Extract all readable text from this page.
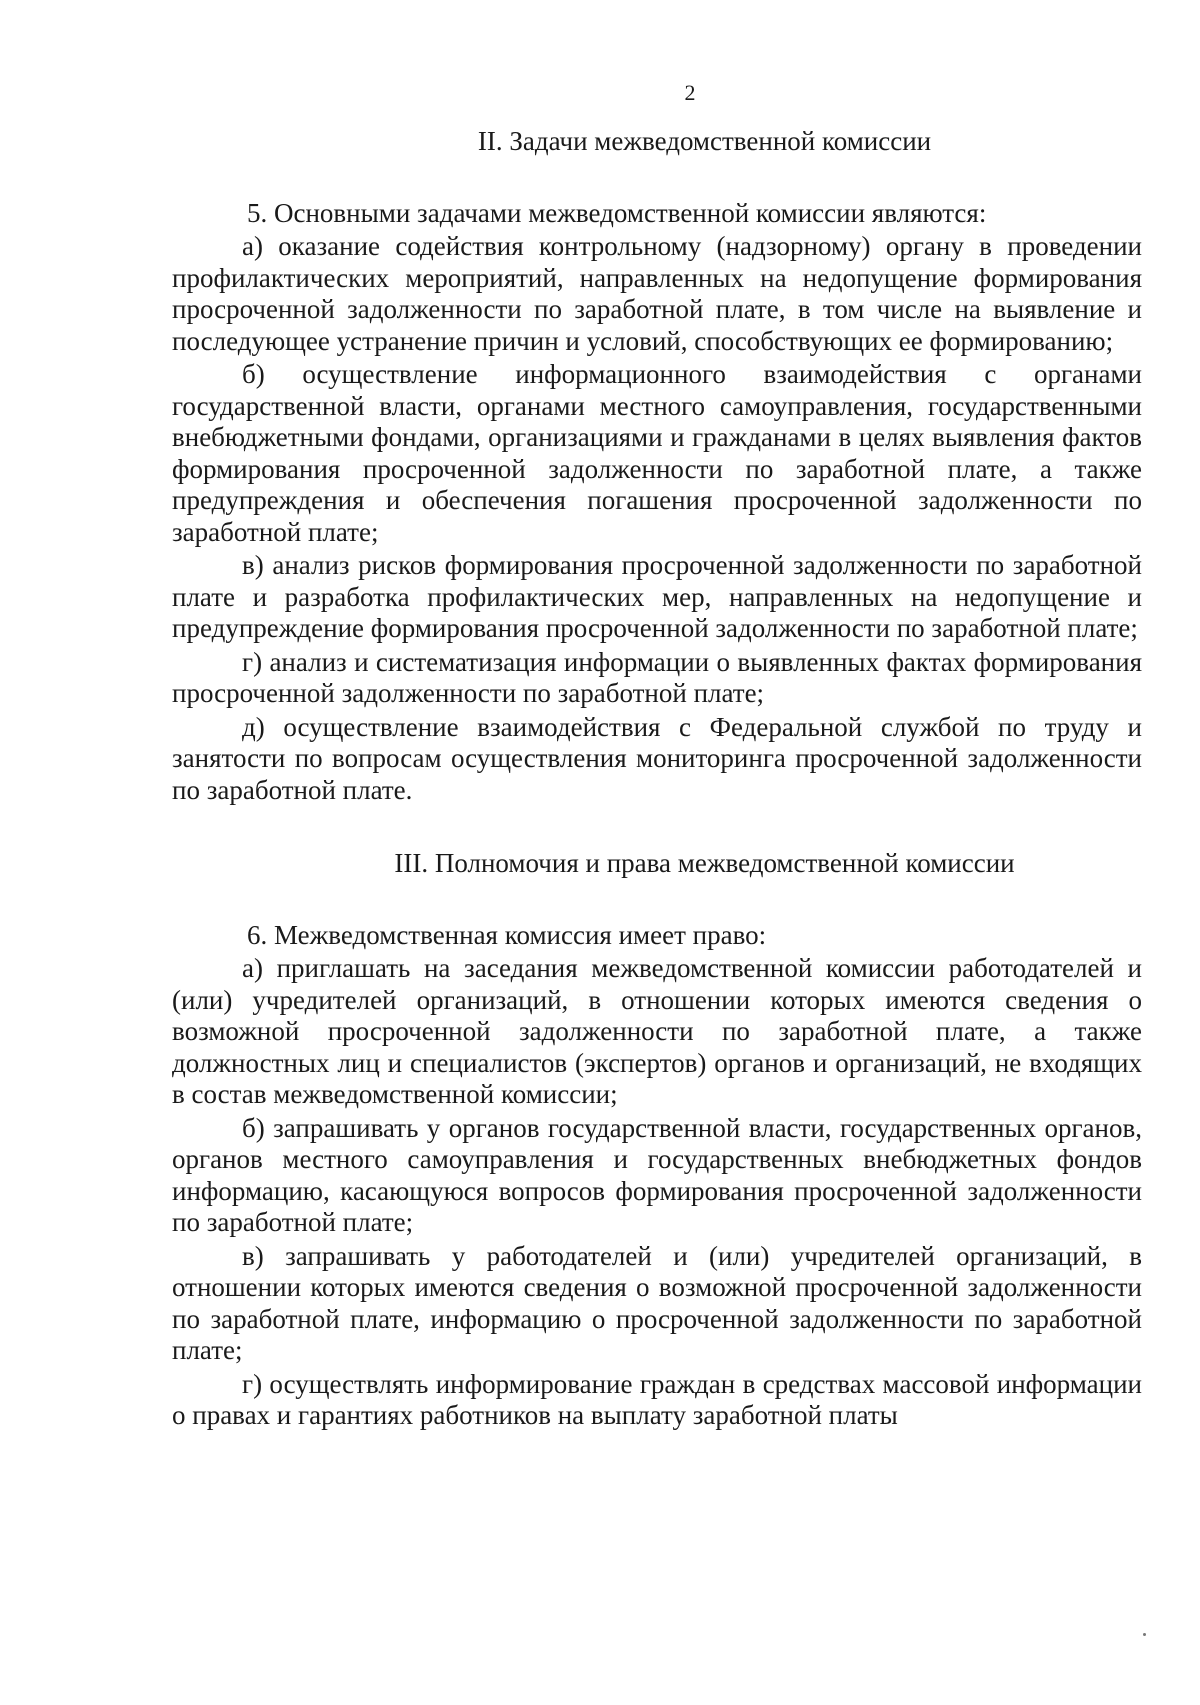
2
II. Задачи межведомственной комиссии

5. Основными задачами межведомственной комиссии являются:

а) оказание содействия контрольному (надзорному) органу в проведении профилактических мероприятий, направленных на недопущение формирования просроченной задолженности по заработной плате, в том числе на выявление и последующее устранение причин и условий, способствующих ее формированию;

б) осуществление информационного взаимодействия с органами государственной власти, органами местного самоуправления, государственными внебюджетными фондами, организациями и гражданами в целях выявления фактов формирования просроченной задолженности по заработной плате, а также предупреждения и обеспечения погашения просроченной задолженности по заработной плате;

в) анализ рисков формирования просроченной задолженности по заработной плате и разработка профилактических мер, направленных на недопущение и предупреждение формирования просроченной задолженности по заработной плате;

г) анализ и систематизация информации о выявленных фактах формирования просроченной задолженности по заработной плате;

д) осуществление взаимодействия с Федеральной службой по труду и занятости по вопросам осуществления мониторинга просроченной задолженности по заработной плате.

III. Полномочия и права межведомственной комиссии

6. Межведомственная комиссия имеет право:

а) приглашать на заседания межведомственной комиссии работодателей и (или) учредителей организаций, в отношении которых имеются сведения о возможной просроченной задолженности по заработной плате, а также должностных лиц и специалистов (экспертов) органов и организаций, не входящих в состав межведомственной комиссии;

б) запрашивать у органов государственной власти, государственных органов, органов местного самоуправления и государственных внебюджетных фондов информацию, касающуюся вопросов формирования просроченной задолженности по заработной плате;

в) запрашивать у работодателей и (или) учредителей организаций, в отношении которых имеются сведения о возможной просроченной задолженности по заработной плате, информацию о просроченной задолженности по заработной плате;

г) осуществлять информирование граждан в средствах массовой информации о правах и гарантиях работников на выплату заработной платы
